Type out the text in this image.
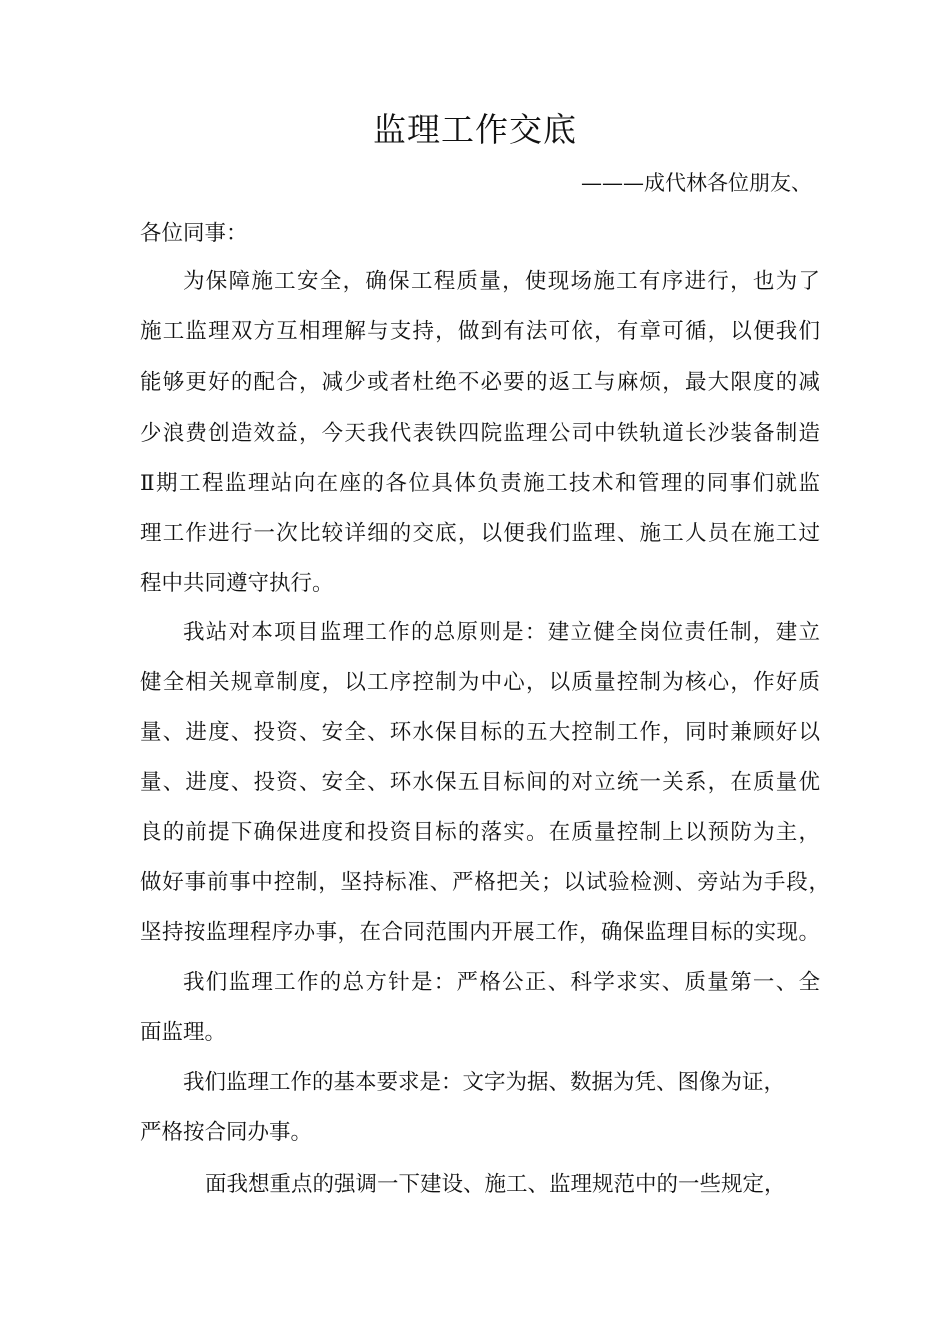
监理工作交底
———成代林各位朋友、
各位同事：
为保障施工安全，确保工程质量，使现场施工有序进行，也为了
施工监理双方互相理解与支持，做到有法可依，有章可循，以便我们
能够更好的配合，减少或者杜绝不必要的返工与麻烦，最大限度的减
少浪费创造效益，今天我代表铁四院监理公司中铁轨道长沙装备制造
Ⅱ期工程监理站向在座的各位具体负责施工技术和管理的同事们就监
理工作进行一次比较详细的交底，以便我们监理、施工人员在施工过
程中共同遵守执行。
我站对本项目监理工作的总原则是：建立健全岗位责任制，建立
健全相关规章制度，以工序控制为中心，以质量控制为核心，作好质
量、进度、投资、安全、环水保目标的五大控制工作，同时兼顾好以
量、进度、投资、安全、环水保五目标间的对立统一关系，在质量优
良的前提下确保进度和投资目标的落实。在质量控制上以预防为主，
做好事前事中控制，坚持标准、严格把关；以试验检测、旁站为手段，
坚持按监理程序办事，在合同范围内开展工作，确保监理目标的实现。
我们监理工作的总方针是：严格公正、科学求实、质量第一、全
面监理。
我们监理工作的基本要求是：文字为据、数据为凭、图像为证，
严格按合同办事。
面我想重点的强调一下建设、施工、监理规范中的一些规定，
